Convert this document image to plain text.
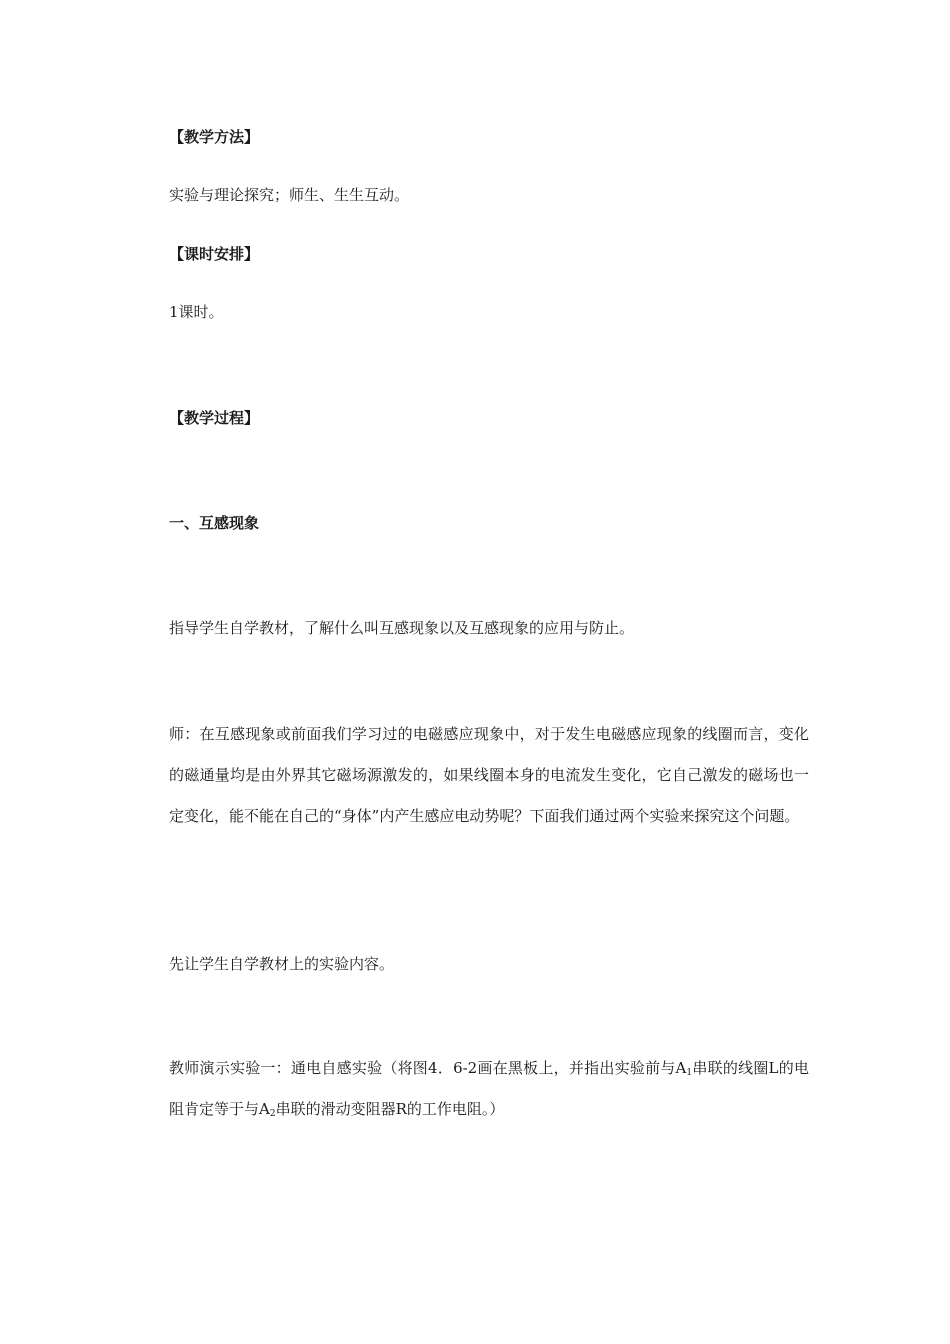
【教学方法】

实验与理论探究；师生、生生互动。

【课时安排】

1课时。

【教学过程】

一、互感现象

指导学生自学教材，了解什么叫互感现象以及互感现象的应用与防止。

师：在互感现象或前面我们学习过的电磁感应现象中，对于发生电磁感应现象的线圈而言，变化的磁通量均是由外界其它磁场源激发的，如果线圈本身的电流发生变化，它自己激发的磁场也一定变化，能不能在自己的“身体”内产生感应电动势呢？下面我们通过两个实验来探究这个问题。

先让学生自学教材上的实验内容。

教师演示实验一：通电自感实验（将图4．6-2画在黑板上，并指出实验前与$A_1$串联的线圈L的电阻肯定等于与$A_2$串联的滑动变阻器R的工作电阻。）
